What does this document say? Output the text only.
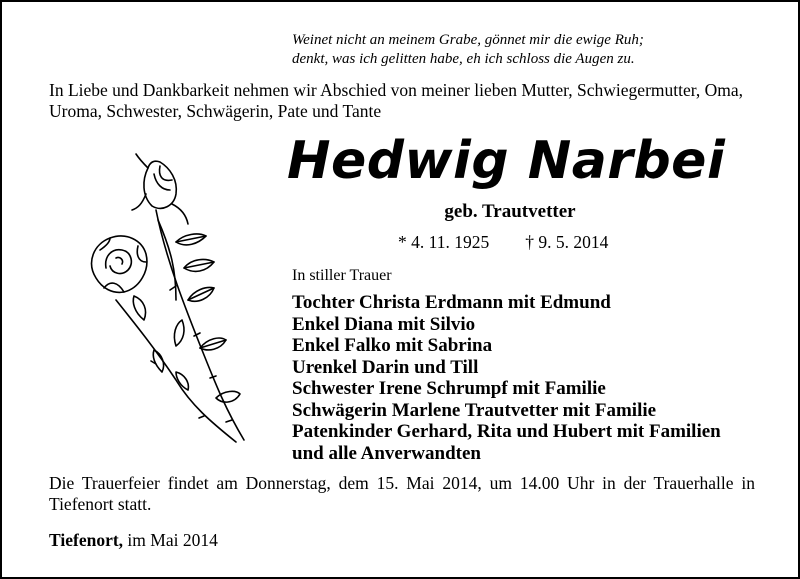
Weinet nicht an meinem Grabe, gönnet mir die ewige Ruh;
denkt, was ich gelitten habe, eh ich schloss die Augen zu.
In Liebe und Dankbarkeit nehmen wir Abschied von meiner lieben Mutter, Schwiegermutter, Oma, Uroma, Schwester, Schwägerin, Pate und Tante
Hedwig Narbei
geb. Trautvetter
* 4. 11. 1925 † 9. 5. 2014
In stiller Trauer
Tochter Christa Erdmann mit Edmund
Enkel Diana mit Silvio
Enkel Falko mit Sabrina
Urenkel Darin und Till
Schwester Irene Schrumpf mit Familie
Schwägerin Marlene Trautvetter mit Familie
Patenkinder Gerhard, Rita und Hubert mit Familien
und alle Anverwandten
Die Trauerfeier findet am Donnerstag, dem 15. Mai 2014, um 14.00 Uhr in der Trauerhalle in Tiefenort statt.
Tiefenort, im Mai 2014
